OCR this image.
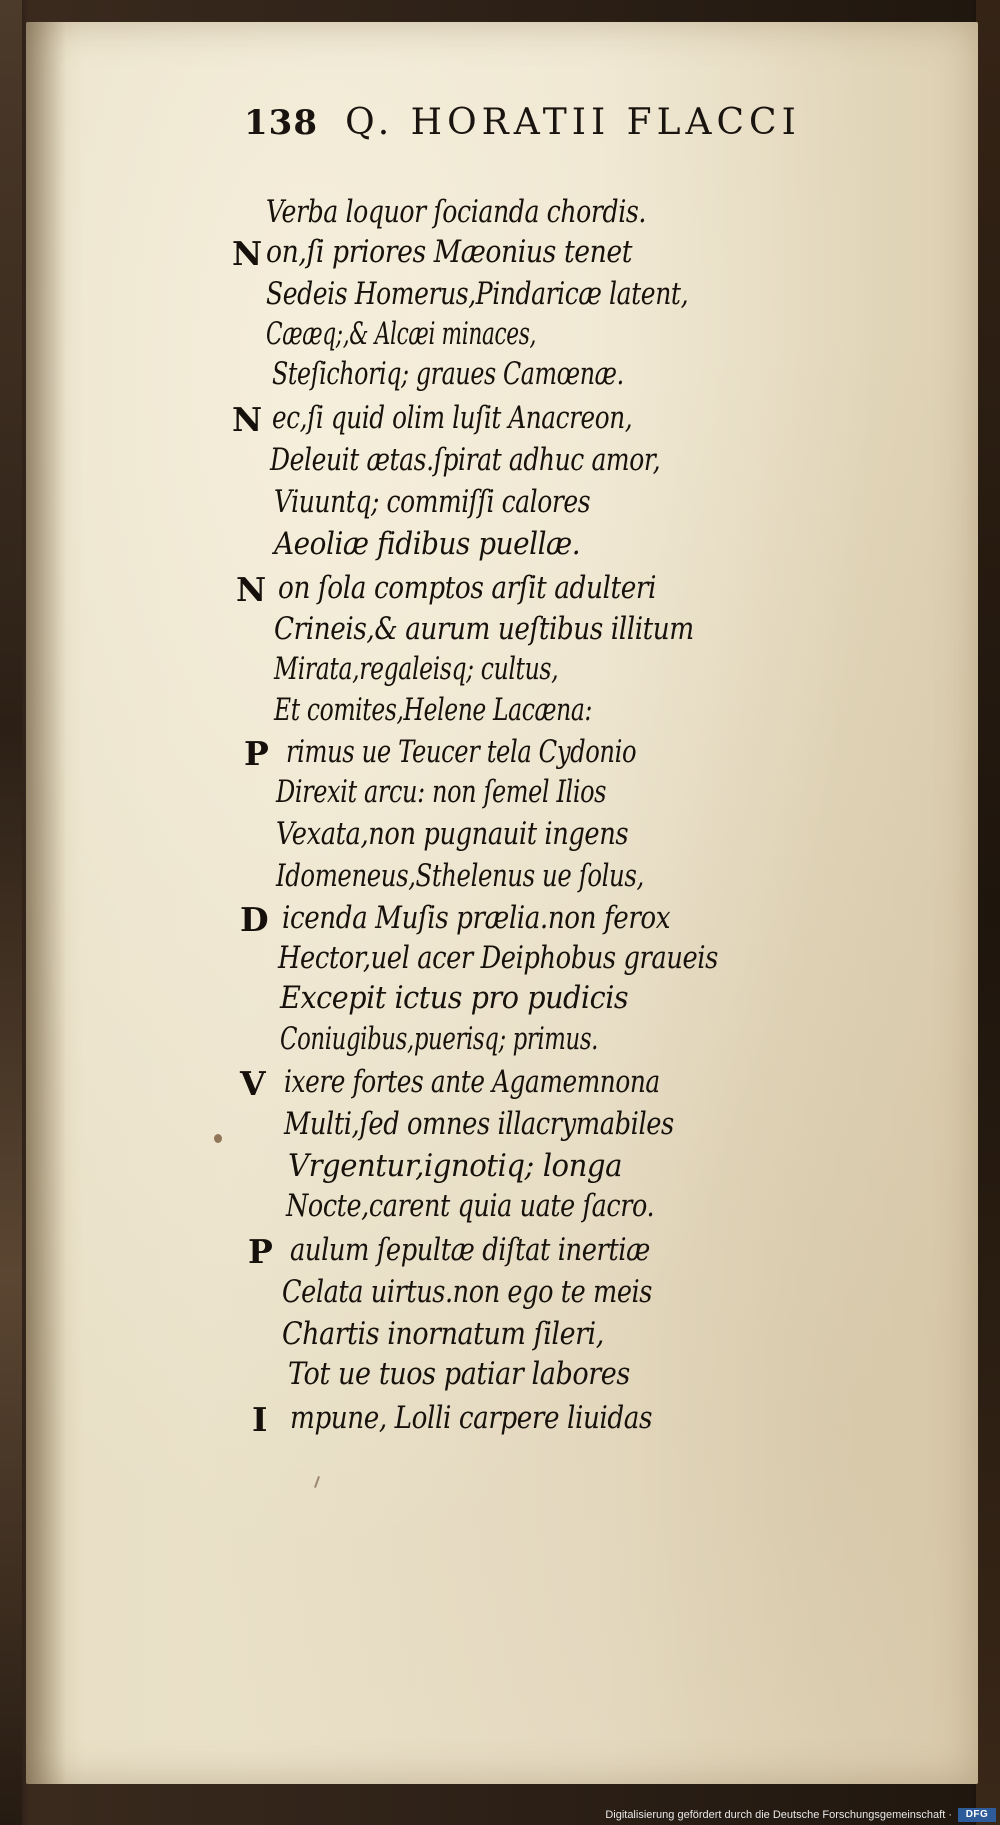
138 Q. HORATII FLACCI
Verba loquor ſocianda chordis.
N on,ſi priores Mæonius tenet
Sedeis Homerus,Pindaricæ latent,
Cææq;,& Alcæi minaces,
Steſichoriq; graues Camœnæ.
N ec,ſi quid olim luſit Anacreon,
Deleuit ætas.ſpirat adhuc amor,
Viuuntq; commiſſi calores
Aeoliæ fidibus puellæ.
N on ſola comptos arſit adulteri
Crineis,& aurum ueſtibus illitum
Mirata,regaleisq; cultus,
Et comites,Helene Lacæna:
P rimus ue Teucer tela Cydonio
Direxit arcu: non ſemel Ilios
Vexata,non pugnauit ingens
Idomeneus,Sthelenus ue ſolus,
D icenda Muſis prælia.non ferox
Hector,uel acer Deiphobus graueis
Excepit ictus pro pudicis
Coniugibus,puerisq; primus.
V ixere fortes ante Agamemnona
Multi,ſed omnes illacrymabiles
Vrgentur,ignotiq; longa
Nocte,carent quia uate ſacro.
P aulum ſepultæ diſtat inertiæ
Celata uirtus.non ego te meis
Chartis inornatum ſileri,
Tot ue tuos patiar labores
I mpune, Lolli carpere liuidas
Digitalisierung gefördert durch die Deutsche Forschungsgemeinschaft ·	DFG
